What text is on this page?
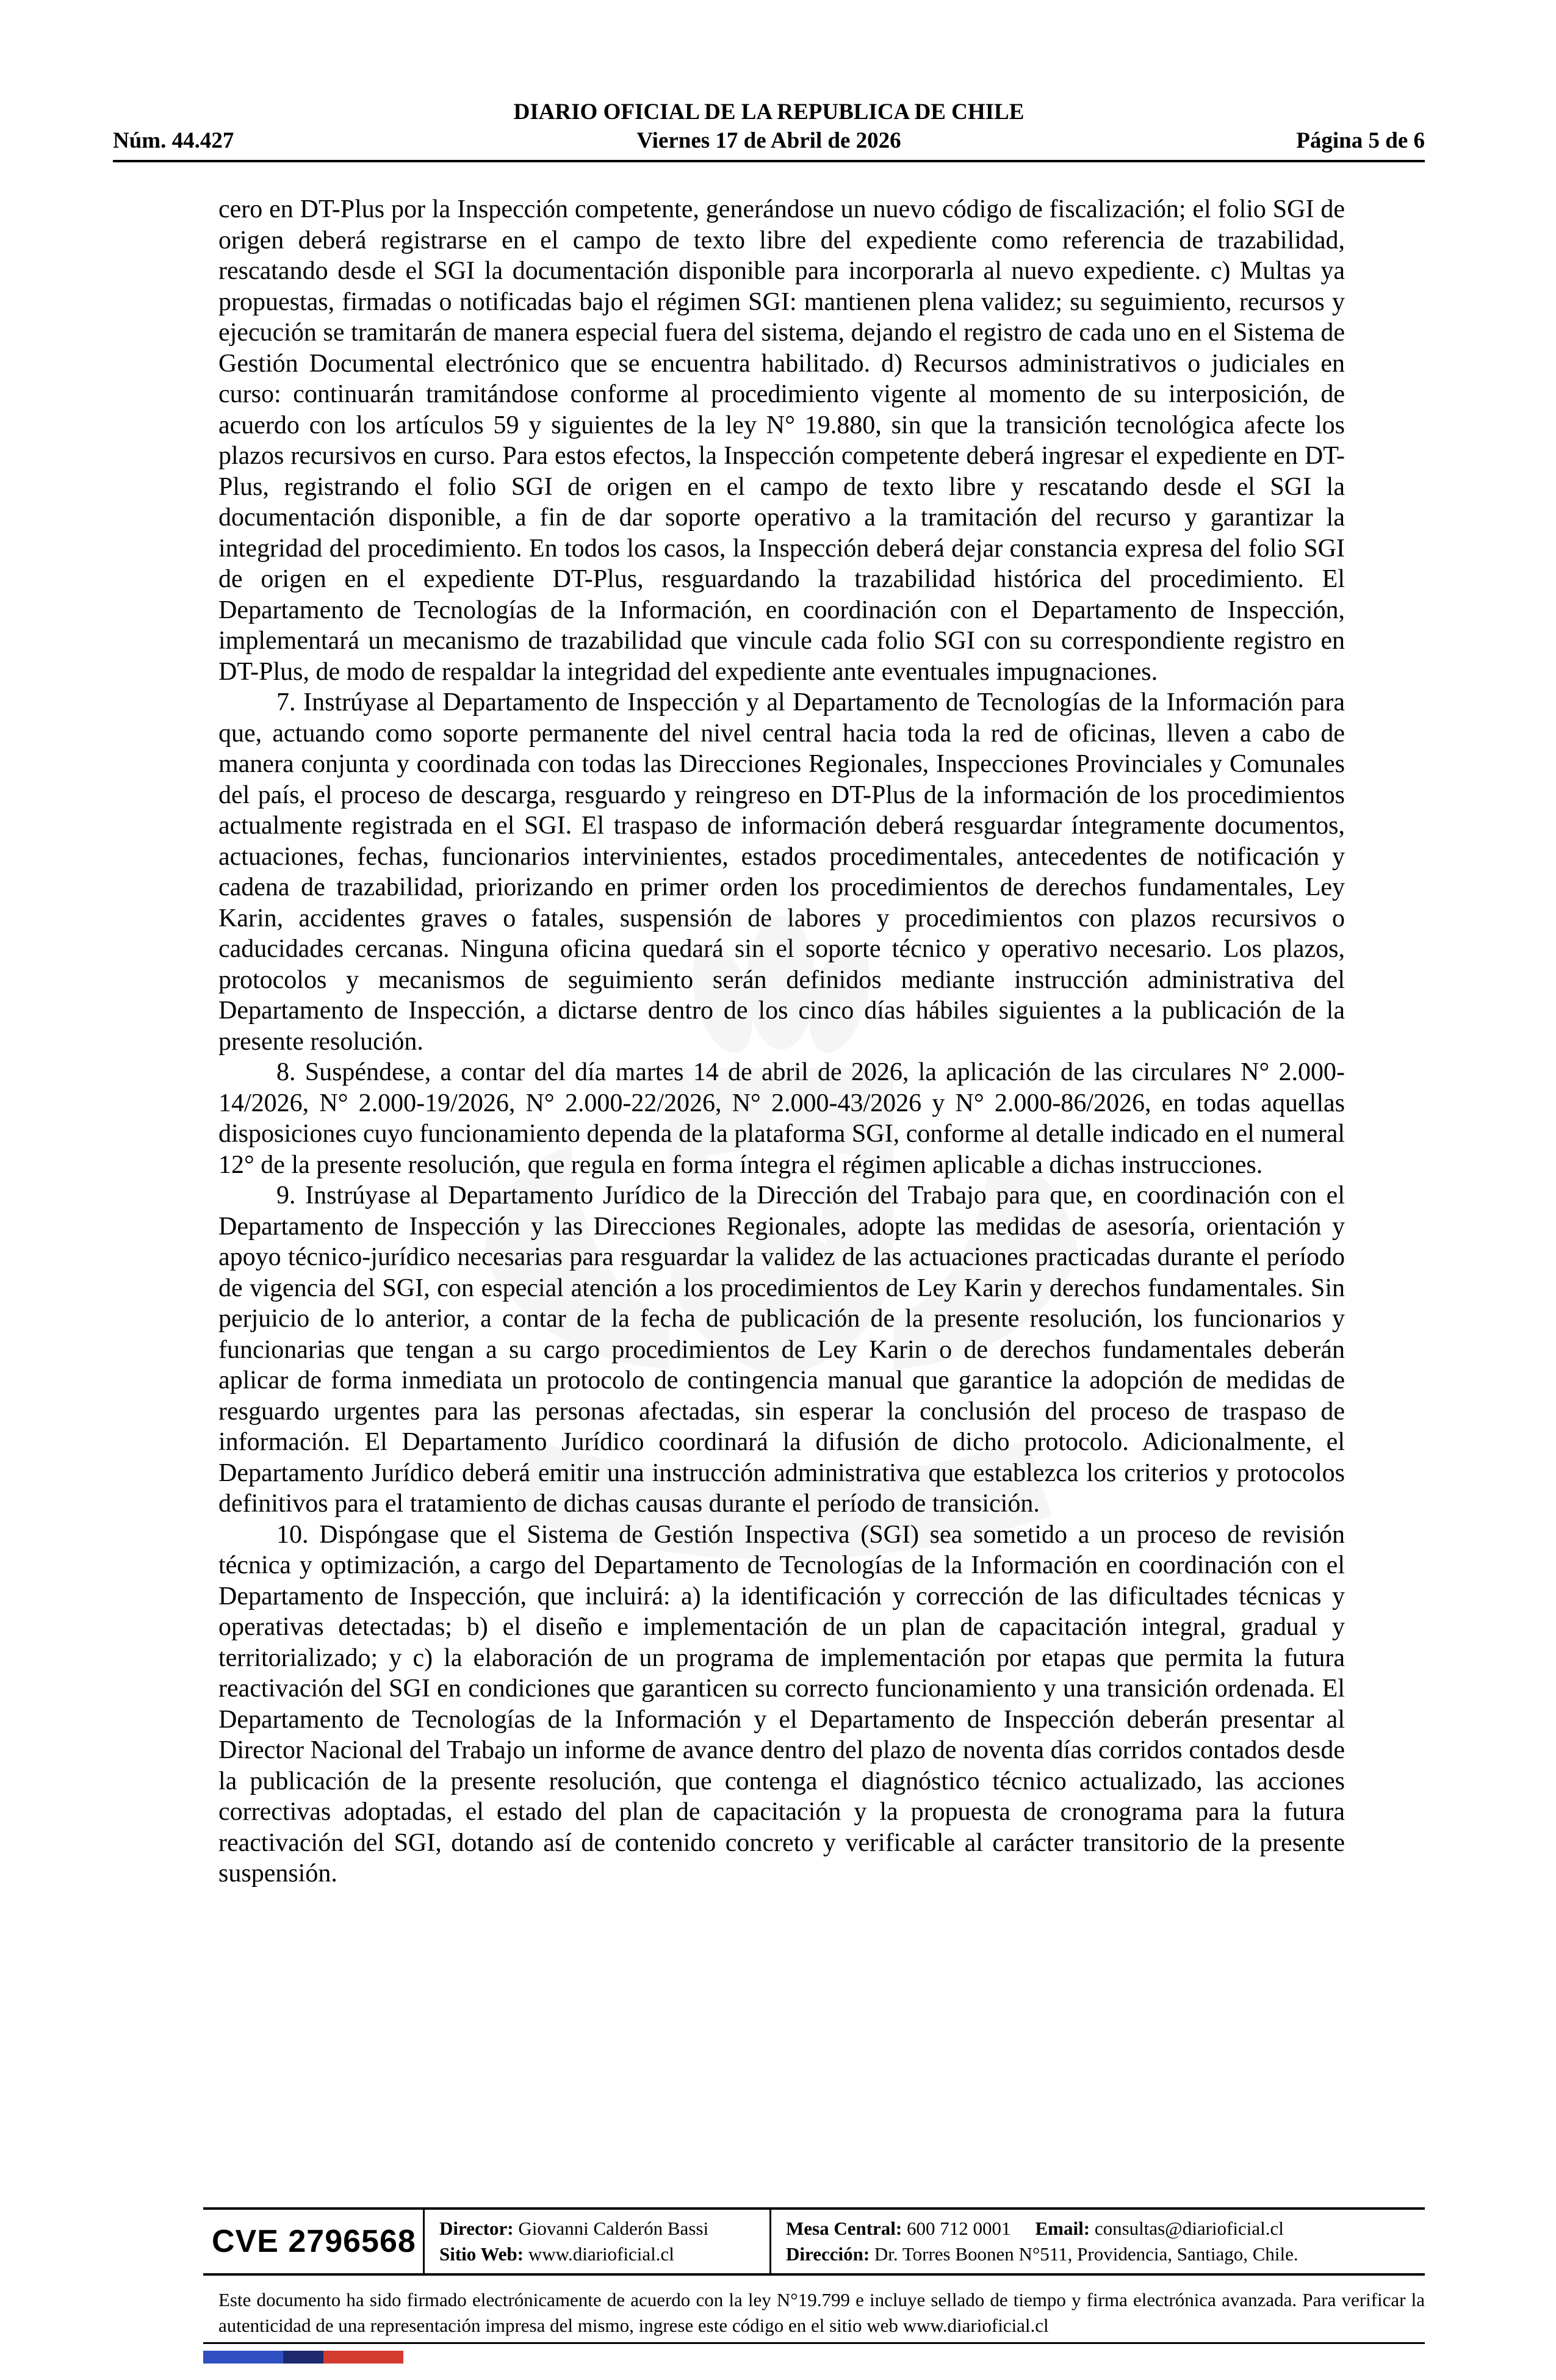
Núm. 44.427
DIARIO OFICIAL DE LA REPUBLICA DE CHILE
Viernes 17 de Abril de 2026	Página 5 de 6

cero en DT-Plus por la Inspección competente, generándose un nuevo código de fiscalización; el folio SGI de origen deberá registrarse en el campo de texto libre del expediente como referencia de trazabilidad, rescatando desde el SGI la documentación disponible para incorporarla al nuevo expediente. c) Multas ya propuestas, firmadas o notificadas bajo el régimen SGI: mantienen plena validez; su seguimiento, recursos y ejecución se tramitarán de manera especial fuera del sistema, dejando el registro de cada uno en el Sistema de Gestión Documental electrónico que se encuentra habilitado. d) Recursos administrativos o judiciales en curso: continuarán tramitándose conforme al procedimiento vigente al momento de su interposición, de acuerdo con los artículos 59 y siguientes de la ley N° 19.880, sin que la transición tecnológica afecte los plazos recursivos en curso. Para estos efectos, la Inspección competente deberá ingresar el expediente en DT-Plus, registrando el folio SGI de origen en el campo de texto libre y rescatando desde el SGI la documentación disponible, a fin de dar soporte operativo a la tramitación del recurso y garantizar la integridad del procedimiento. En todos los casos, la Inspección deberá dejar constancia expresa del folio SGI de origen en el expediente DT-Plus, resguardando la trazabilidad histórica del procedimiento. El Departamento de Tecnologías de la Información, en coordinación con el Departamento de Inspección, implementará un mecanismo de trazabilidad que vincule cada folio SGI con su correspondiente registro en DT-Plus, de modo de respaldar la integridad del expediente ante eventuales impugnaciones.

7. Instrúyase al Departamento de Inspección y al Departamento de Tecnologías de la Información para que, actuando como soporte permanente del nivel central hacia toda la red de oficinas, lleven a cabo de manera conjunta y coordinada con todas las Direcciones Regionales, Inspecciones Provinciales y Comunales del país, el proceso de descarga, resguardo y reingreso en DT-Plus de la información de los procedimientos actualmente registrada en el SGI. El traspaso de información deberá resguardar íntegramente documentos, actuaciones, fechas, funcionarios intervinientes, estados procedimentales, antecedentes de notificación y cadena de trazabilidad, priorizando en primer orden los procedimientos de derechos fundamentales, Ley Karin, accidentes graves o fatales, suspensión de labores y procedimientos con plazos recursivos o caducidades cercanas. Ninguna oficina quedará sin el soporte técnico y operativo necesario. Los plazos, protocolos y mecanismos de seguimiento serán definidos mediante instrucción administrativa del Departamento de Inspección, a dictarse dentro de los cinco días hábiles siguientes a la publicación de la presente resolución.

8. Suspéndese, a contar del día martes 14 de abril de 2026, la aplicación de las circulares N° 2.000-14/2026, N° 2.000-19/2026, N° 2.000-22/2026, N° 2.000-43/2026 y N° 2.000-86/2026, en todas aquellas disposiciones cuyo funcionamiento dependa de la plataforma SGI, conforme al detalle indicado en el numeral 12° de la presente resolución, que regula en forma íntegra el régimen aplicable a dichas instrucciones.

9. Instrúyase al Departamento Jurídico de la Dirección del Trabajo para que, en coordinación con el Departamento de Inspección y las Direcciones Regionales, adopte las medidas de asesoría, orientación y apoyo técnico-jurídico necesarias para resguardar la validez de las actuaciones practicadas durante el período de vigencia del SGI, con especial atención a los procedimientos de Ley Karin y derechos fundamentales. Sin perjuicio de lo anterior, a contar de la fecha de publicación de la presente resolución, los funcionarios y funcionarias que tengan a su cargo procedimientos de Ley Karin o de derechos fundamentales deberán aplicar de forma inmediata un protocolo de contingencia manual que garantice la adopción de medidas de resguardo urgentes para las personas afectadas, sin esperar la conclusión del proceso de traspaso de información. El Departamento Jurídico coordinará la difusión de dicho protocolo. Adicionalmente, el Departamento Jurídico deberá emitir una instrucción administrativa que establezca los criterios y protocolos definitivos para el tratamiento de dichas causas durante el período de transición.

10. Dispóngase que el Sistema de Gestión Inspectiva (SGI) sea sometido a un proceso de revisión técnica y optimización, a cargo del Departamento de Tecnologías de la Información en coordinación con el Departamento de Inspección, que incluirá: a) la identificación y corrección de las dificultades técnicas y operativas detectadas; b) el diseño e implementación de un plan de capacitación integral, gradual y territorializado; y c) la elaboración de un programa de implementación por etapas que permita la futura reactivación del SGI en condiciones que garanticen su correcto funcionamiento y una transición ordenada. El Departamento de Tecnologías de la Información y el Departamento de Inspección deberán presentar al Director Nacional del Trabajo un informe de avance dentro del plazo de noventa días corridos contados desde la publicación de la presente resolución, que contenga el diagnóstico técnico actualizado, las acciones correctivas adoptadas, el estado del plan de capacitación y la propuesta de cronograma para la futura reactivación del SGI, dotando así de contenido concreto y verificable al carácter transitorio de la presente suspensión.

CVE 2796568	Director: Giovanni Calderón Bassi
Sitio Web: www.diarioficial.cl
Mesa Central: 600 712 0001 Email: consultas@diarioficial.cl
Dirección: Dr. Torres Boonen N°511, Providencia, Santiago, Chile.
Este documento ha sido firmado electrónicamente de acuerdo con la ley N°19.799 e incluye sellado de tiempo y firma electrónica avanzada. Para verificar la autenticidad de una representación impresa del mismo, ingrese este código en el sitio web www.diarioficial.cl
